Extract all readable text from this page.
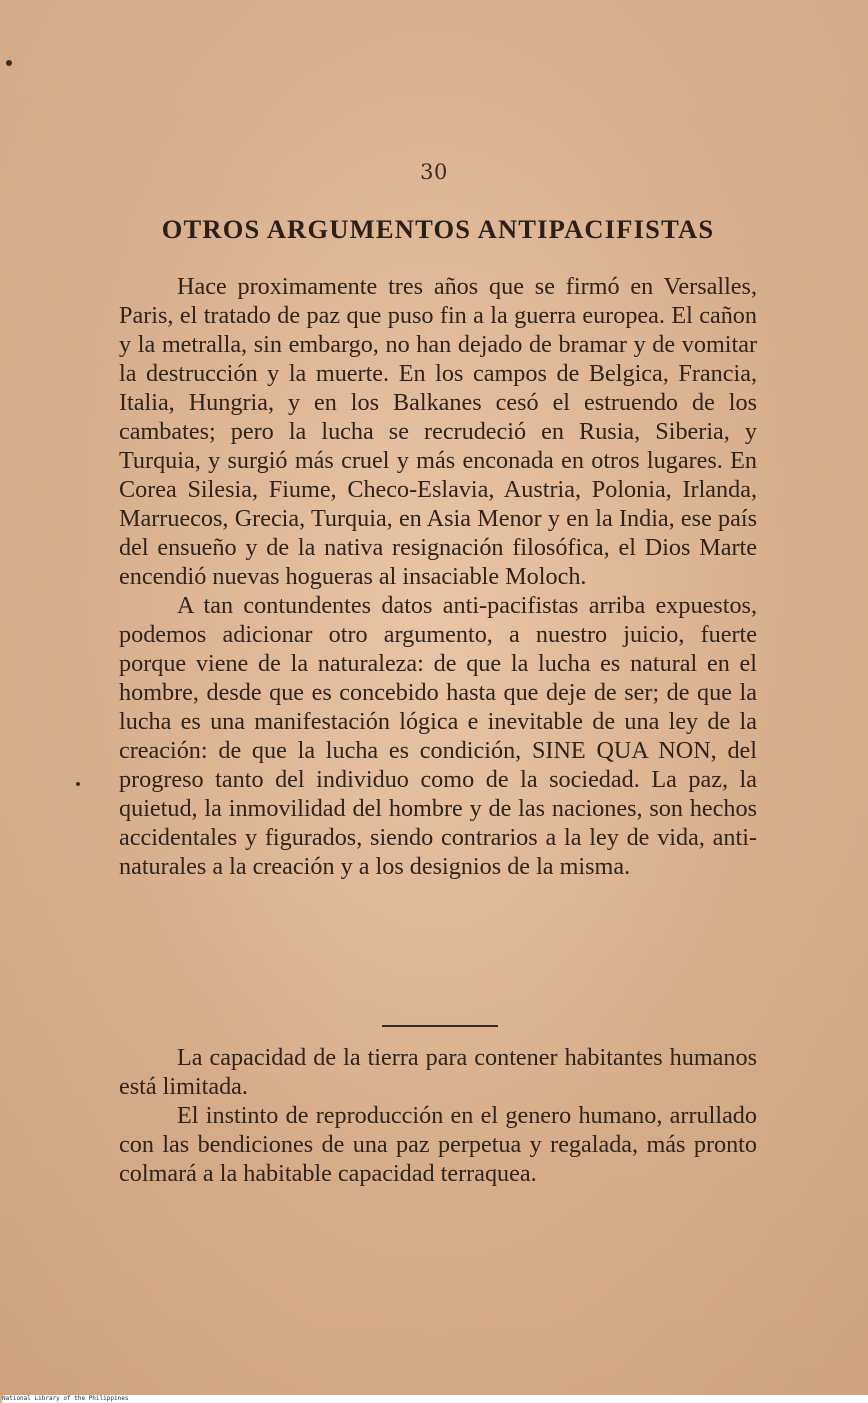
30
OTROS ARGUMENTOS ANTIPACIFISTAS

Hace proximamente tres años que se firmó en Versalles, Paris, el tratado de paz que puso fin a la guerra europea. El cañon y la metralla, sin embargo, no han dejado de bramar y de vomitar la destrucción y la muerte. En los campos de Belgica, Francia, Italia, Hungria, y en los Balkanes cesó el estruendo de los cambates; pero la lucha se recrudeció en Rusia, Siberia, y Turquia, y surgió más cruel y más enconada en otros lugares. En Corea Silesia, Fiume, Checo-Eslavia, Austria, Polonia, Irlanda, Marruecos, Grecia, Turquia, en Asia Menor y en la India, ese país del ensueño y de la nativa resignación filosófica, el Dios Marte encendió nuevas hogueras al insaciable Moloch.

A tan contundentes datos anti-pacifistas arriba expuestos, podemos adicionar otro argumento, a nuestro juicio, fuerte porque viene de la naturaleza: de que la lucha es natural en el hombre, desde que es concebido hasta que deje de ser; de que la lucha es una manifestación lógica e inevitable de una ley de la creación: de que la lucha es condición, SINE QUA NON, del progreso tanto del individuo como de la sociedad. La paz, la quietud, la inmovilidad del hombre y de las naciones, son hechos accidentales y figurados, siendo contrarios a la ley de vida, antinaturales a la creación y a los designios de la misma.

La capacidad de la tierra para contener habitantes humanos está limitada.

El instinto de reproducción en el genero humano, arrullado con las bendiciones de una paz perpetua y regalada, más pronto colmará a la habitable capacidad terraquea.

National Library of the Philippines
